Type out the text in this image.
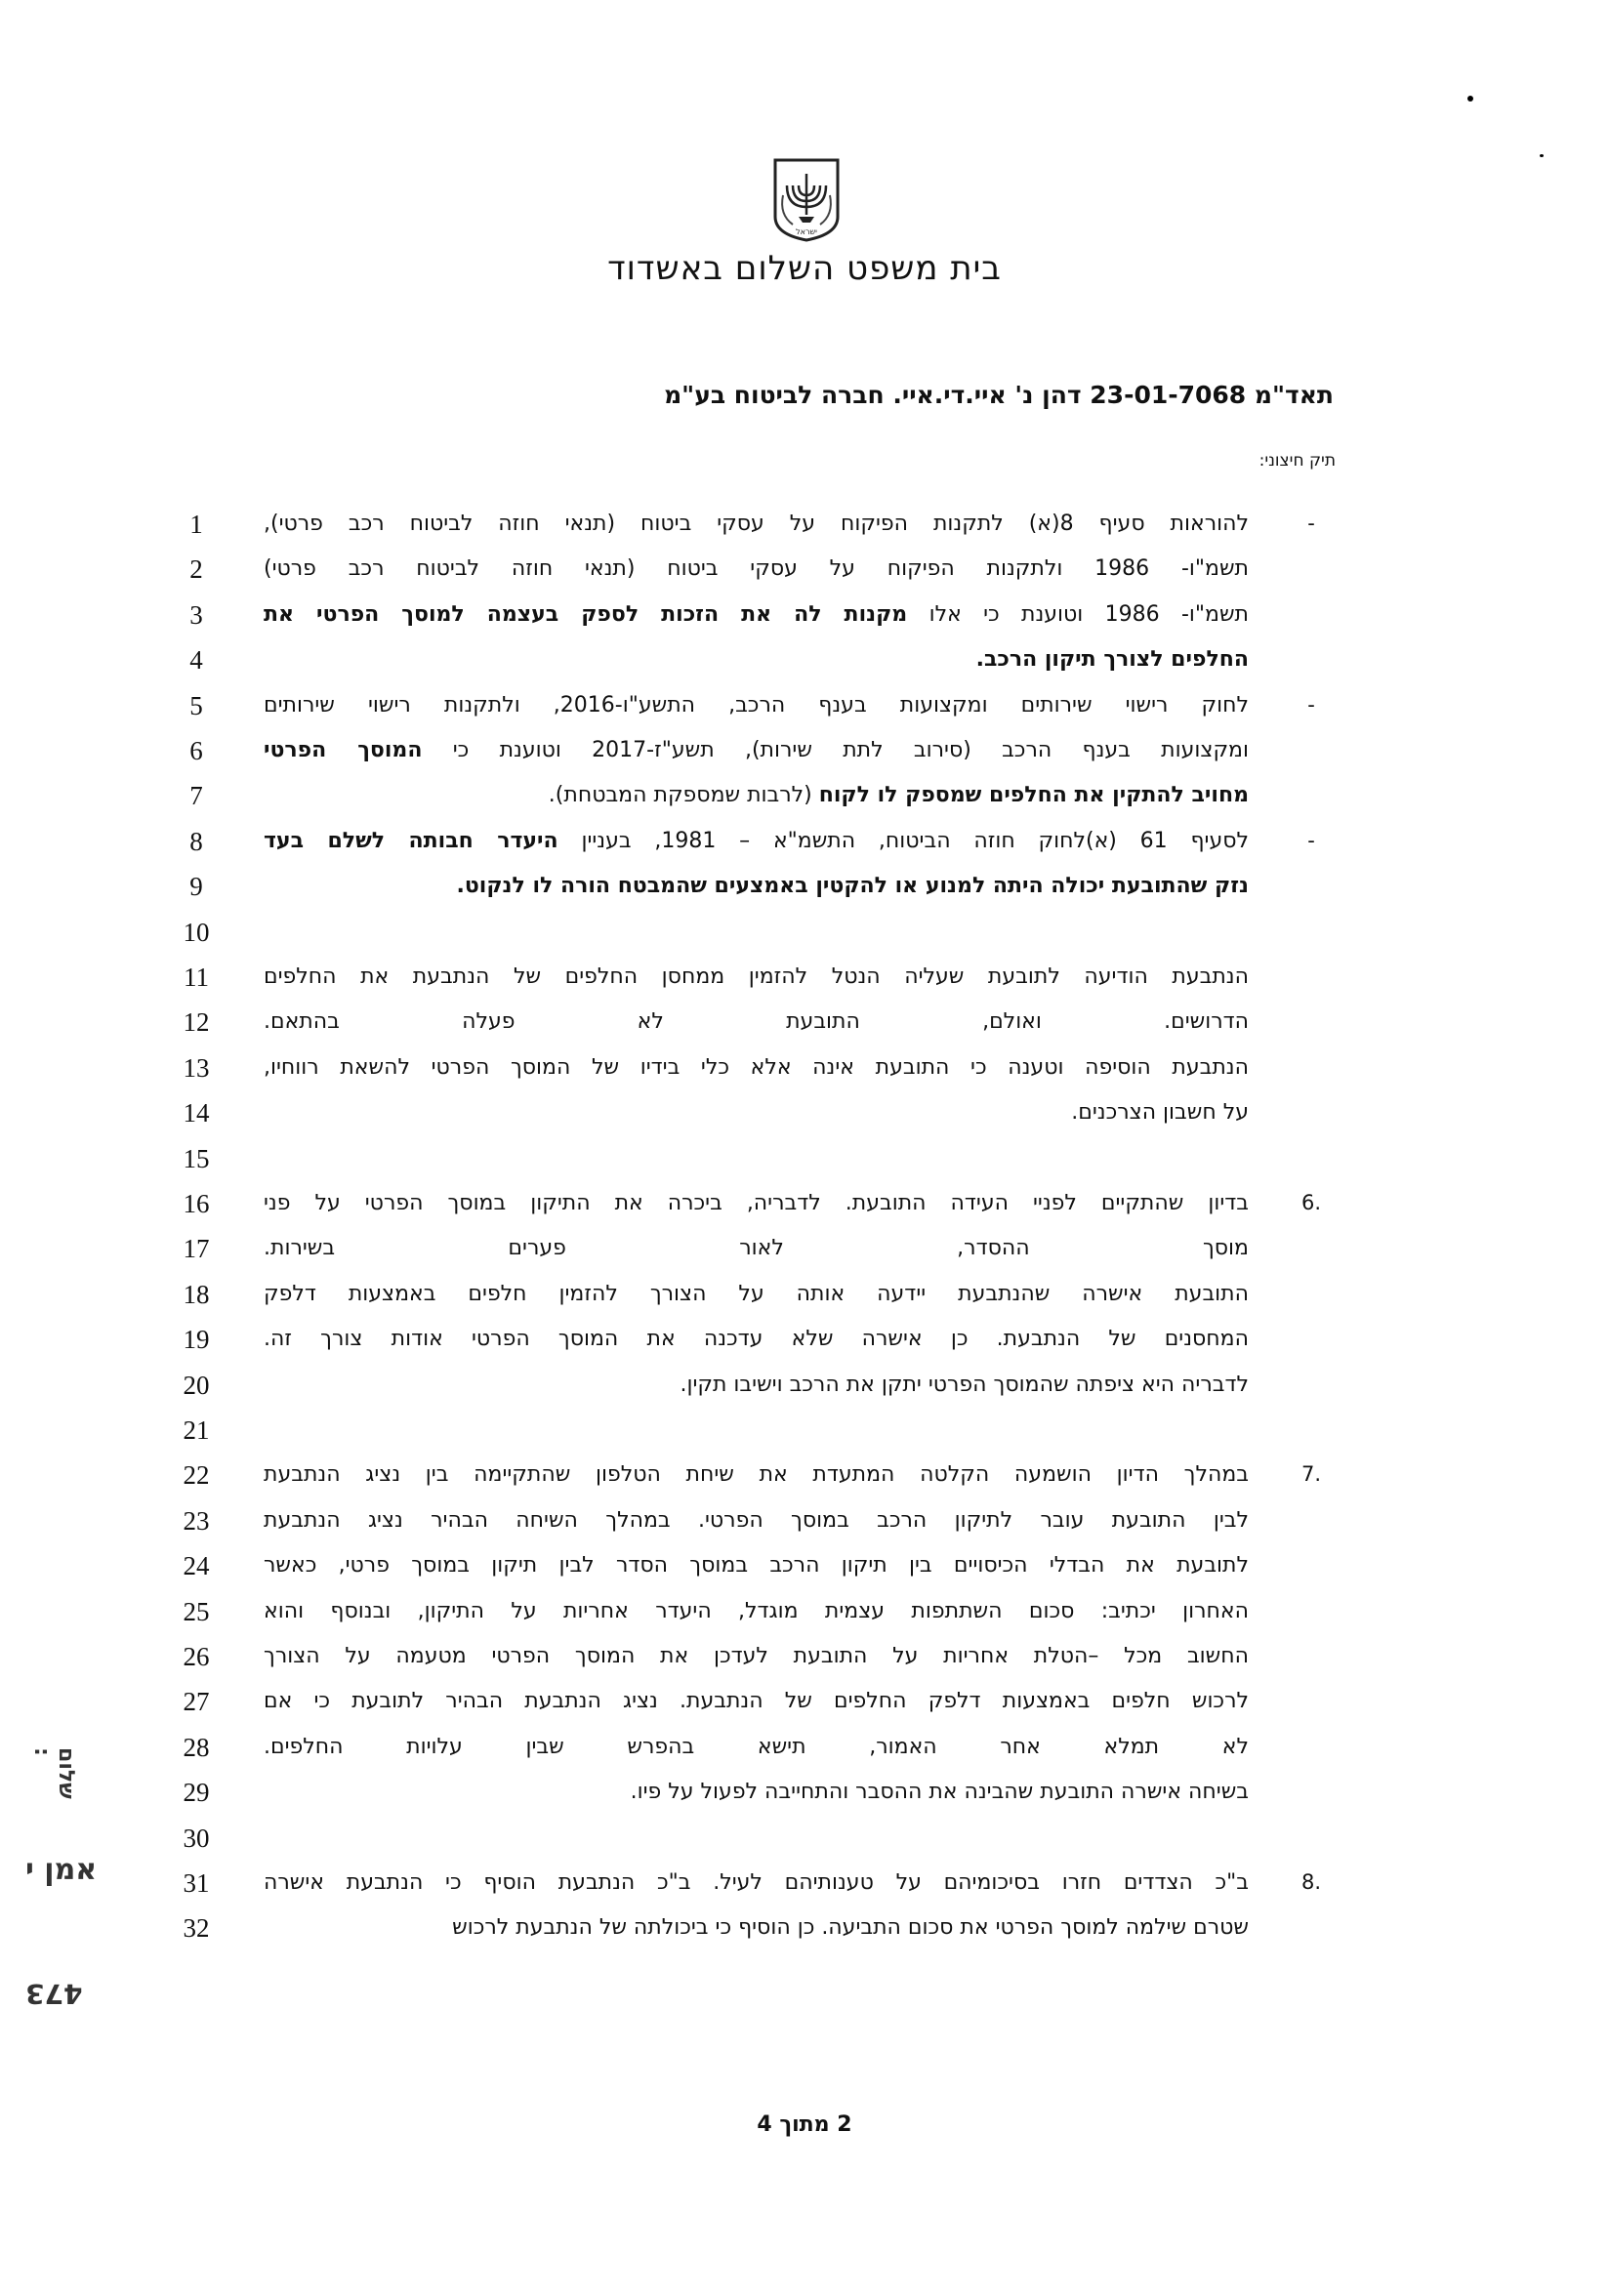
ישראל
בית משפט השלום באשדוד
תאד"מ 23-01-7068 דהן נ' איי.די.איי. חברה לביטוח בע"מ
תיק חיצוני:
1	-
להוראות סעיף 8(א) לתקנות הפיקוח על עסקי ביטוח (תנאי חוזה לביטוח רכב פרטי),
2	תשמ"ו- 1986 ולתקנות הפיקוח על עסקי ביטוח (תנאי חוזה לביטוח רכב פרטי)
3	תשמ"ו- 1986 וטוענת כי אלו מקנות לה את הזכות לספק בעצמה למוסך הפרטי את
4	החלפים לצורך תיקון הרכב.
5	-
לחוק רישוי שירותים ומקצועות בענף הרכב, התשע"ו-2016, ולתקנות רישוי שירותים
6	ומקצועות בענף הרכב (סירוב לתת שירות), תשע"ז-2017 וטוענת כי המוסך הפרטי
7	מחויב להתקין את החלפים שמספק לו לקוח (לרבות שמספקת המבטחת).
8	-
לסעיף 61 (א)לחוק חוזה הביטוח, התשמ"א – 1981, בעניין היעדר חבותה לשלם בעד
9	נזק שהתובעת יכולה היתה למנוע או להקטין באמצעים שהמבטח הורה לו לנקוט.
10
11	הנתבעת הודיעה לתובעת שעליה הנטל להזמין ממחסן החלפים של הנתבעת את החלפים
12	הדרושים. ואולם, התובעת לא פעלה בהתאם.
13	הנתבעת הוסיפה וטענה כי התובעת אינה אלא כלי בידיו של המוסך הפרטי להשאת רווחיו,
14	על חשבון הצרכנים.
15
16	6.
בדיון שהתקיים לפניי העידה התובעת. לדבריה, ביכרה את התיקון במוסך הפרטי על פני
17	מוסך ההסדר, לאור פערים בשירות.
18	התובעת אישרה שהנתבעת יידעה אותה על הצורך להזמין חלפים באמצעות דלפק
19	המחסנים של הנתבעת. כן אישרה שלא עדכנה את המוסך הפרטי אודות צורך זה.
20	לדבריה היא ציפתה שהמוסך הפרטי יתקן את הרכב וישיבו תקין.
21
22	7.
במהלך הדיון הושמעה הקלטה המתעדת את שיחת הטלפון שהתקיימה בין נציג הנתבעת
23	לבין התובעת עובר לתיקון הרכב במוסך הפרטי. במהלך השיחה הבהיר נציג הנתבעת
24	לתובעת את הבדלי הכיסויים בין תיקון הרכב במוסך הסדר לבין תיקון במוסך פרטי, כאשר
25	האחרון יכתיב: סכום השתתפות עצמית מוגדל, היעדר אחריות על התיקון, ובנוסף והוא
26	החשוב מכל –הטלת אחריות על התובעת לעדכן את המוסך הפרטי מטעמה על הצורך
27	לרכוש חלפים באמצעות דלפק החלפים של הנתבעת. נציג הנתבעת הבהיר לתובעת כי אם
28	לא תמלא אחר האמור, תישא בהפרש שבין עלויות החלפים.
29	בשיחה אישרה התובעת שהבינה את ההסבר והתחייבה לפעול על פיו.
30
31	8.
ב"כ הצדדים חזרו בסיכומיהם על טענותיהם לעיל. ב"כ הנתבעת הוסיף כי הנתבעת אישרה
32	שטרם שילמה למוסך הפרטי את סכום התביעה. כן הוסיף כי ביכולתה של הנתבעת לרכוש
2 מתוך 4
שלום :
אמן י
473
